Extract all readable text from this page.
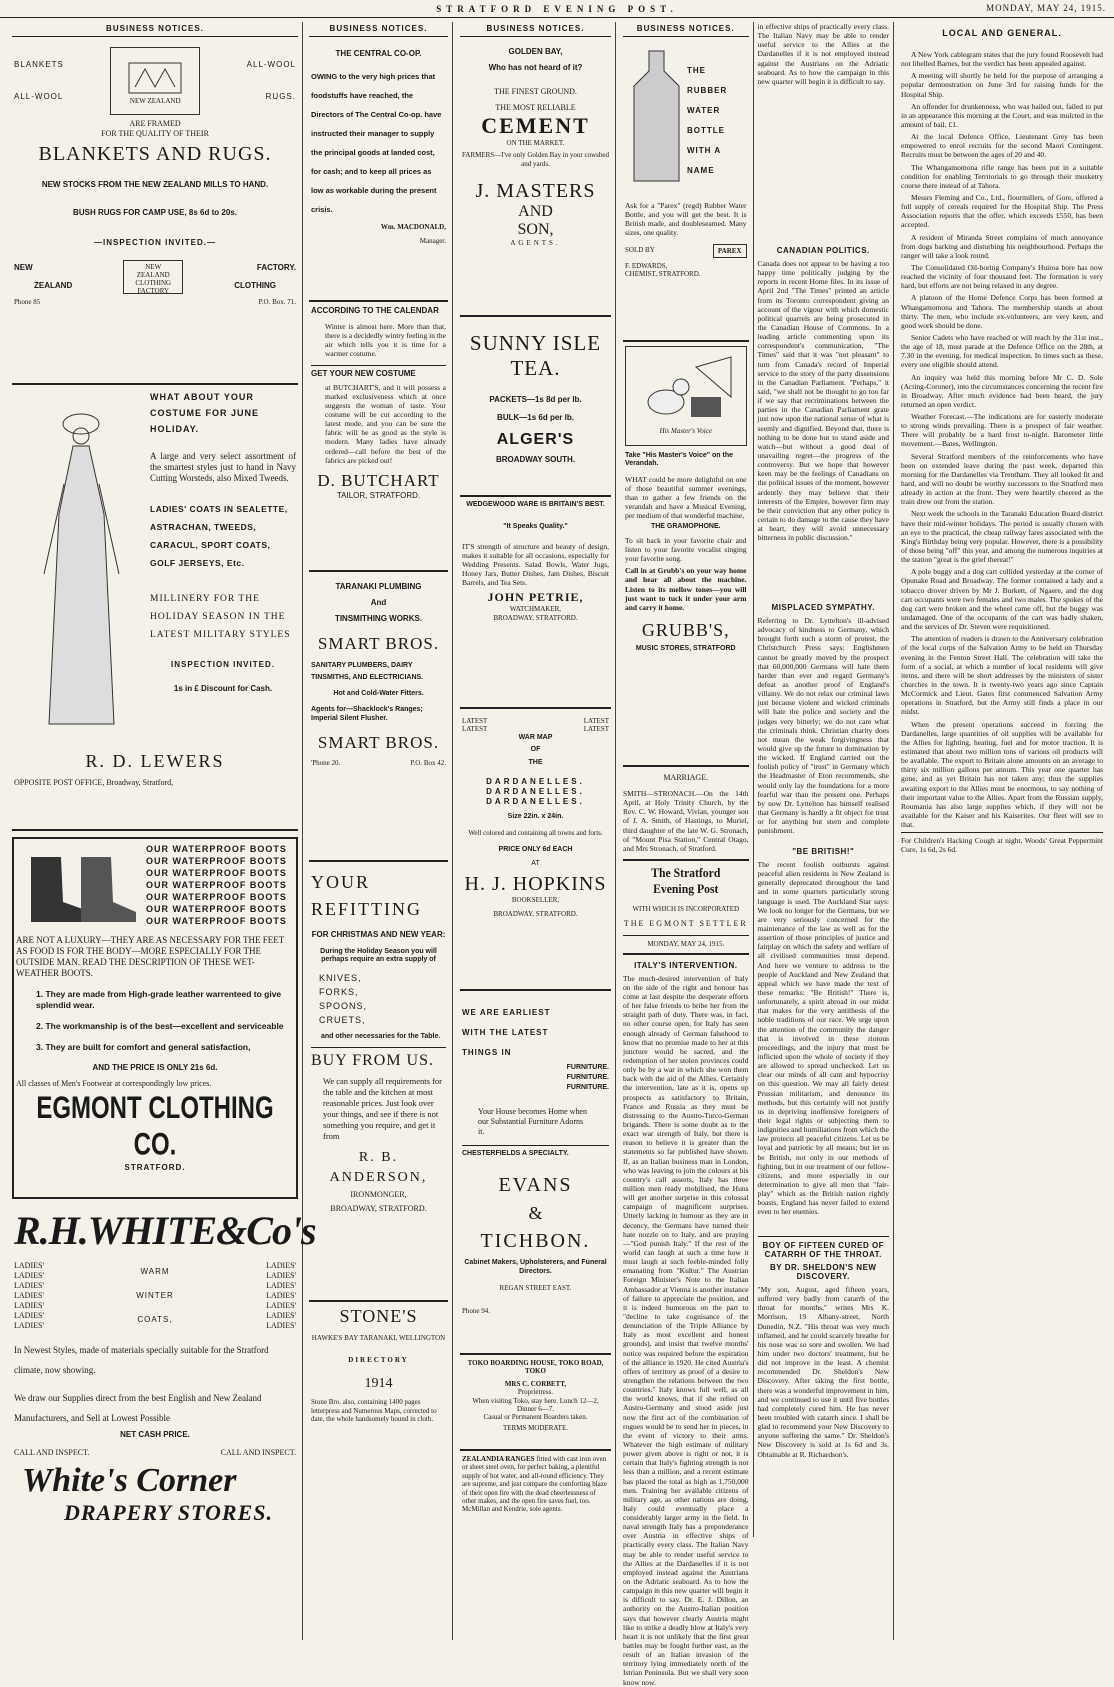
STRATFORD EVENING POST.	MONDAY, MAY 24, 1915.
BUSINESS NOTICES.
BLANKETS
ALL-WOOL	NEW ZEALAND
ALL-WOOL
RUGS.
ARE FRAMED
FOR THE QUALITY OF THEIR
BLANKETS AND RUGS.
NEW STOCKS FROM THE NEW ZEALAND MILLS TO HAND.
BUSH RUGS FOR CAMP USE, 8s 6d to 20s.
—INSPECTION INVITED.—
NEW
ZEALAND
NEW ZEALAND CLOTHING FACTORY
FACTORY.
CLOTHING
Phone 85	P.O. Box. 71.
WHAT ABOUT YOUR
COSTUME FOR JUNE
HOLIDAY.

A large and very select assortment of the smartest styles just to hand in Navy Cutting Worsteds, also Mixed Tweeds.

LADIES' COATS IN SEALETTE, ASTRACHAN, TWEEDS, CARACUL, SPORT COATS, GOLF JERSEYS, Etc.
MILLINERY FOR THE HOLIDAY SEASON IN THE LATEST MILITARY STYLES
INSPECTION INVITED.
1s in £ Discount for Cash.
R. D. LEWERS
OPPOSITE POST OFFICE, Broadway, Stratford,
OUR WATERPROOF BOOTS
OUR WATERPROOF BOOTS
OUR WATERPROOF BOOTS
OUR WATERPROOF BOOTS
OUR WATERPROOF BOOTS
OUR WATERPROOF BOOTS
OUR WATERPROOF BOOTS
ARE NOT A LUXURY—THEY ARE AS NECESSARY FOR THE FEET AS FOOD IS FOR THE BODY—MORE ESPECIALLY FOR THE OUTSIDE MAN. READ THE DESCRIPTION OF THESE WET-WEATHER BOOTS.
1. They are made from High-grade leather warrenteed to give splendid wear.
2. The workmanship is of the best—excellent and serviceable
3. They are built for comfort and general satisfaction,
AND THE PRICE IS ONLY 21s 6d.
All classes of Men's Footwear at correspondingly low prices.
EGMONT CLOTHING CO.
STRATFORD.
R.H.WHITE&Co's
LADIES'
LADIES'
LADIES'
LADIES'
LADIES'
LADIES'
LADIES'
WARM
WINTER
COATS,
LADIES'
LADIES'
LADIES'
LADIES'
LADIES'
LADIES'
LADIES'
In Newest Styles, made of materials specially suitable for the Stratford climate, now showing.
We draw our Supplies direct from the best English and New Zealand Manufacturers, and Sell at Lowest Possible
NET CASH PRICE.
CALL AND INSPECT.	CALL AND INSPECT.
White's Corner
DRAPERY STORES.
BUSINESS NOTICES.
THE CENTRAL CO-OP.
OWING to the very high prices that foodstuffs have reached, the Directors of The Central Co-op. have instructed their manager to supply the principal goods at landed cost, for cash; and to keep all prices as low as workable during the present crisis.
Wm. MACDONALD,
Manager.
ACCORDING TO THE CALENDAR

Winter is almost here. More than that, there is a decidedly wintry feeling in the air which tells you it is time for a warmer costume.

GET YOUR NEW COSTUME

at BUTCHART'S, and it will possess a marked exclusiveness which at once suggests the woman of taste. Your costume will be cut according to the latest mode, and you can be sure the fabric will be as good as the style is modern. Many ladies have already ordered—call before the best of the fabrics are picked out!

D. BUTCHART
TAILOR, STRATFORD.
TARANAKI PLUMBING
And
TINSMITHING WORKS.
SMART BROS.
SANITARY PLUMBERS, DAIRY TINSMITHS, AND ELECTRICIANS.
Hot and Cold-Water Fitters.
Agents for—Shacklock's Ranges; Imperial Silent Flusher.
SMART BROS.
'Phone 20.	P.O. Box 42.
YOUR
REFITTING
FOR CHRISTMAS AND NEW YEAR:
During the Holiday Season you will perhaps require an extra supply of
KNIVES,
FORKS,
SPOONS,
CRUETS,
and other necessaries for the Table.
BUY FROM US.
We can supply all requirements for the table and the kitchen at most reasonable prices. Just look over your things, and see if there is not something you require, and get it from
R. B.
ANDERSON,
IRONMONGER,
BROADWAY, STRATFORD.
STONE'S
HAWKE'S BAY TARANAKI, WELLINGTON
DIRECTORY
1914
Stone Bro. also, containing 1400 pages letterpress and Numerous Maps, corrected to date, the whole handsomely bound in cloth.
BUSINESS NOTICES.
GOLDEN BAY,
Who has not heard of it?
THE FINEST GROUND.
THE MOST RELIABLE
CEMENT
ON THE MARKET.
FARMERS—I've only Golden Bay in your cowshed and yards.
J. MASTERS
AND
SON,
AGENTS.
SUNNY ISLE
TEA.
PACKETS—1s 8d per lb.
BULK—1s 6d per lb.
ALGER'S
BROADWAY SOUTH.
WEDGEWOOD WARE IS BRITAIN'S BEST.
"It Speaks Quality."

IT'S strength of structure and beauty of design, makes it suitable for all occasions, especially for Wedding Presents. Salad Bowls, Water Jugs, Honey Jars, Butter Dishes, Jam Dishes, Biscuit Barrels, and Tea Sets.

JOHN PETRIE,
WATCHMAKER,
BROADWAY, STRATFORD.
LATEST	LATEST
LATEST	LATEST
WAR MAP
OF
THE
DARDANELLES.
DARDANELLES.
DARDANELLES.
Size 22in. x 24in.
Well colored and containing all towns and forts.
PRICE ONLY 6d EACH
AT
H. J. HOPKINS
BOOKSELLER,
BROADWAY, STRATFORD.
WE ARE EARLIEST
WITH THE LATEST
THINGS IN
FURNITURE.
FURNITURE.
FURNITURE.
Your House becomes Home when our Substantial Furniture Adorns it.
CHESTERFIELDS A SPECIALTY.
EVANS
&
TICHBON.
Cabinet Makers, Upholsterers, and Funeral Directors.
REGAN STREET EAST.
Phone 94.
TOKO BOARDING HOUSE, TOKO ROAD, TOKO
MRS C. CORBETT,
Proprietress.
When visiting Toko, stay here. Lunch 12—2, Dinner 6—7.
Casual or Permanent Boarders taken.
TERMS MODERATE.
ZEALANDIA RANGES fitted with cast iron oven or sheet steel oven, for perfect baking, a plentiful supply of hot water, and all-round efficiency. They are supreme, and just compare the comforting blaze of their open fire with the dead cheerlessness of other makes, and the open fire saves fuel, too. McMillan and Kendrie, sole agents.
BUSINESS NOTICES.
THE
RUBBER
WATER
BOTTLE
WITH A
NAME

Ask for a "Parex" (regd) Rubber Water Bottle, and you will get the best. It is British made, and doubleseamed. Many sizes, one quality.

SOLD BY	PAREX
F. EDWARDS,
CHEMIST, STRATFORD.
His Master's Voice
Take "His Master's Voice" on the Verandah.

WHAT could be more delightful on one of those beautiful summer evenings, than to gather a few friends on the verandah and have a Musical Evening, per medium of that wonderful machine,

THE GRAMOPHONE.

To sit back in your favorite chair and listen to your favorite vocalist singing your favorite song.

Call in at Grubb's on your way home and hear all about the machine. Listen to its mellow tones—you will just want to tuck it under your arm and carry it home.

GRUBB'S,
MUSIC STORES, STRATFORD
MARRIAGE.

SMITH—STRONACH.—On the 14th April, at Holy Trinity Church, by the Rev. C. W. Howard, Vivian, younger son of J. A. Smith, of Hastings, to Muriel, third daughter of the late W. G. Stronach, of "Mount Pisa Station," Central Otago, and Mrs Stronach, of Stratford.

The Stratford Evening Post
WITH WHICH IS INCORPORATED
THE EGMONT SETTLER
MONDAY, MAY 24, 1915.
ITALY'S INTERVENTION.

The much-desired intervention of Italy on the side of the right and honour has come at last despite the desperate efforts of her false friends to bribe her from the straight path of duty. There was, in fact, no other course open, for Italy has seen enough already of German falsehood to know that no promise made to her at this juncture would be sacred, and the redemption of her stolen provinces could only be by a war in which she won them back with the aid of the Allies. Certainly the intervention, late as it is, opens up prospects as satisfactory to Britain, France and Russia as they must be distressing to the Austro-Turco-German brigands. There is some doubt as to the exact war strength of Italy, but there is reason to believe it is greater than the statements so far published have shown. If, as an Italian business man in London, who was leaving to join the colours at his country's call asserts, Italy has three million men ready mobilised, the Huns will get another surprise in this colossal campaign of magnificent surprises. Utterly lacking in humour as they are in decency, the Germans have turned their hate nozzle on to Italy, and are praying—"God punish Italy." If the rest of the world can laugh at such a time how it must laugh at such feeble-minded folly emanating from "Kultur." The Austrian Foreign Minister's Note to the Italian Ambassador at Vienna is another instance of failure to appreciate the position, and it is indeed humorous on the part to "decline to take cognisance of the denunciation of the Triple Alliance by Italy as most excellent and honest grounds), and insist that twelve months' notice was required before the expiration of the alliance in 1920. He cited Austria's offers of territory as proof of a desire to strengthen the relations between the two countries." Italy knows full well, as all the world knows, that if she relied on Austro-Germany and stood aside just now the first act of the combination of rogues would be to send her in pieces, in the event of victory to their arms. Whatever the high estimate of military power given above is right or not, it is certain that Italy's fighting strength is not less than a million, and a recent estimate has placed the total as high as 1,750,000 men. Training her available citizens of military age, as other nations are doing, Italy could eventually place a considerably larger army in the field. In naval strength Italy has a preponderance over Austria in effective ships of practically every class. The Italian Navy may be able to render useful service to the Allies at the Dardanelles if it is not employed instead against the Austrians on the Adriatic seaboard. As to how the campaign in this new quarter will begin it is difficult to say. Dr. E. J. Dillon, an authority on the Austro-Italian position says that however clearly Austria might like to strike a deadly blow at Italy's very heart it is not unlikely that the first great battles may be fought further east, as the result of an Italian invasion of the territory lying immediately north of the Istrian Peninsula. But we shall very soon know now.

in effective ships of practically every class. The Italian Navy may be able to render useful service to the Allies at the Dardanelles if it is not employed instead against the Austrians on the Adriatic seaboard. As to how the campaign in this new quarter will begin it is difficult to say.

CANADIAN POLITICS.

Canada does not appear to be having a too happy time politically judging by the reports in recent Home files. In its issue of April 2nd "The Times" printed an article from its Toronto correspondent giving an account of the vigour with which domestic political quarrels are being prosecuted in the Canadian House of Commons. In a leading article commenting upon its correspondent's communication, "The Times" said that it was "not pleasant" to turn from Canada's record of Imperial service to the story of the party dissensions in the Canadian Parliament. "Perhaps," it said, "we shall not be thought to go too far if we say that recriminations between the parties in the Canadian Parliament grate just now upon the national sense of what is seemly and dignified. Beyond that, there is nothing to be done but to stand aside and watch—but without a good deal of unavailing regret—the progress of the controversy. But we hope that however keen may be the feelings of Canadians on the political issues of the moment, however ardently they may believe that their interests of the Empire, however firm may be their conviction that any other policy is certain to do damage to the cause they have at heart, they will avoid unnecessary bitterness in public discussion."

MISPLACED SYMPATHY.

Referring to Dr. Lyttelton's ill-advised advocacy of kindness to Germany, which brought forth such a storm of protest, the Christchurch Press says: Englishmen cannot be greatly moved by the prospect that 60,000,000 Germans will hate them harder than ever and regard Germany's defeat as another proof of England's villainy. We do not relax our criminal laws just because violent and wicked criminals will hate the police and society and the judges very bitterly; we do not care what the criminals think. Christian charity does not mean the weak forgivingness that would give up the future to domination by the wicked. If England carried out the foolish policy of "trust" in Germany which the Headmaster of Eton recommends, she would only lay the foundations for a more fearful war than the present one. Perhaps by now Dr. Lyttelton has himself realised that Germany is hardly a fit object for trust or for anything but stern and complete punishment.

"BE BRITISH!"

The recent foolish outbursts against peaceful alien residents in New Zealand is generally deprecated throughout the land and in some quarters particularly strong language is used. The Auckland Star says: We look no longer for the Germans, but we are very seriously concerned for the maintenance of the law as well as for the assertion of those principles of justice and fairplay on which the safety and welfare of all civilised communities must depend. And here we venture to address to the people of Auckland and New Zealand that appeal which we have made the text of these remarks: "Be British!" There is, unfortunately, a spirit abroad in our midst that makes for the very antithesis of the noble traditions of our race. We urge upon the attention of the community the danger that is involved in these riotous proceedings, and the injury that must be inflicted upon the whole of society if they are allowed to spread unchecked. Let us clear our minds of all cant and hypocrisy on this question. We may all fairly detest Prussian militarism, and denounce its methods, but this certainly will not justify us in depriving inoffensive foreigners of their legal rights or subjecting them to indignities and humiliations from which the law protects all peaceful citizens. Let us be loyal and patriotic by all means; but let us be British, not only in our methods of fighting, but in our treatment of our fellow-citizens, and more especially in our determination to give all men that "fair-play" which as the British nation rightly boasts, England has never failed to extend even to her enemies.

BOY OF FIFTEEN CURED OF CATARRH OF THE THROAT.
BY DR. SHELDON'S NEW DISCOVERY.

"My son, August, aged fifteen years, suffered very badly from catarrh of the throat for months," writes Mrs K. Morrison, 19 Albany-street, North Dunedin, N.Z. "His throat was very much inflamed, and he could scarcely breathe for his nose was so sore and swollen. We had him under two doctors' treatment, but he did not improve in the least. A chemist recommended Dr. Sheldon's New Discovery. After taking the first bottle, there was a wonderful improvement in him, and we continued to use it until five bottles had completely cured him. He has never been troubled with catarrh since. I shall be glad to recommend your New Discovery to anyone suffering the same." Dr. Sheldon's New Discovery is sold at 1s 6d and 3s. Obtainable at R. Richardson's.

LOCAL AND GENERAL.

A New York cablegram states that the jury found Roosevelt had not libelled Barnes, but the verdict has been appealed against.

A meeting will shortly be held for the purpose of arranging a popular demonstration on June 3rd for raising funds for the Hospital Ship.

An offender for drunkenness, who was bailed out, failed to put in an appearance this morning at the Court, and was mulcted in the amount of bail, £1.

At the local Defence Office, Lieutenant Grey has been empowered to enrol recruits for the second Maori Contingent. Recruits must be between the ages of 20 and 40.

The Whangamomona rifle range has been put in a suitable condition for enabling Territorials to go through their musketry course there instead of at Tahora.

Messrs Fleming and Co., Ltd., flourmillers, of Gore, offered a full supply of cereals required for the Hospital Ship. The Press Association reports that the offer, which exceeds £550, has been accepted.

A resident of Miranda Street complains of much annoyance from dogs barking and disturbing his neighbourhood. Perhaps the ranger will take a look round.

The Consolidated Oil-boring Company's Huiroa bore has now reached the vicinity of four thousand feet. The formation is very hard, but efforts are not being relaxed in any degree.

A platoon of the Home Defence Corps has been formed at Whangamomona and Tahora. The membership stands at about thirty. The men, who include ex-volunteers, are very keen, and good work should be done.

Senior Cadets who have reached or will reach by the 31st inst., the age of 18, must parade at the Defence Office on the 28th, at 7.30 in the evening, for medical inspection. In times such as these, every one eligible should attend.

An inquiry was held this morning before Mr C. D. Sole (Acting-Coroner), into the circumstances concerning the recent fire in Broadway. After much evidence had been heard, the jury returned an open verdict.

Weather Forecast.—The indications are for easterly moderate to strong winds prevailing. There is a prospect of fair weather. There will probably be a hard frost to-night. Barometer little movement.—Bates, Wellington.

Several Stratford members of the reinforcements who have been on extended leave during the past week, departed this morning for the Dardanelles via Trentham. They all looked fit and hard, and will no doubt be worthy successors to the Stratford men already in action at the front. They were heartily cheered as the train drew out from the station.

Next week the schools in the Taranaki Education Board district have their mid-winter holidays. The period is usually chosen with an eye to the practical, the cheap railway fares associated with the King's Birthday being very popular. However, there is a possibility of those being "off" this year, and among the numerous inquiries at the station "great is the grief thereat!"

A pole buggy and a dog cart collided yesterday at the corner of Opunake Road and Broadway. The former contained a lady and a tobacco drover driven by Mr J. Burkett, of Ngaere, and the dog cart occupants were two females and two males. The spokes of the dog cart were broken and the wheel came off, but the buggy was undamaged. One of the occupants of the cart was badly shaken, and the services of Dr. Steven were requisitioned.

The attention of readers is drawn to the Anniversary celebration of the local corps of the Salvation Army to be held on Thursday evening in the Fenton Street Hall. The celebration will take the form of a social, at which a number of local residents will give items, and there will be short addresses by the ministers of sister churches in the town. It is twenty-two years ago since Captain McCormick and Lieut. Gates first commenced Salvation Army operations in Stratford, but the Army still finds a place in our midst.

When the present operations succeed in forcing the Dardanelles, large quantities of oil supplies will be available for the Allies for lighting, heating, fuel and for motor traction. It is estimated that about two million tons of various oil products will be available. The export to Britain alone amounts on an average to thirty six million gallons per annum. This year one quarter has gone, and as yet Britain has not taken any; thus the supplies awaiting export to the Allies must be enormous, to say nothing of their important value to the Allies. Apart from the Russian supply, Roumania has also large supplies which, if they will not be available for the Kaiser and his Kaiserites. Our fleet will see to that.

For Children's Hacking Cough at night, Woods' Great Peppermint Cure, 1s 6d, 2s 6d.
